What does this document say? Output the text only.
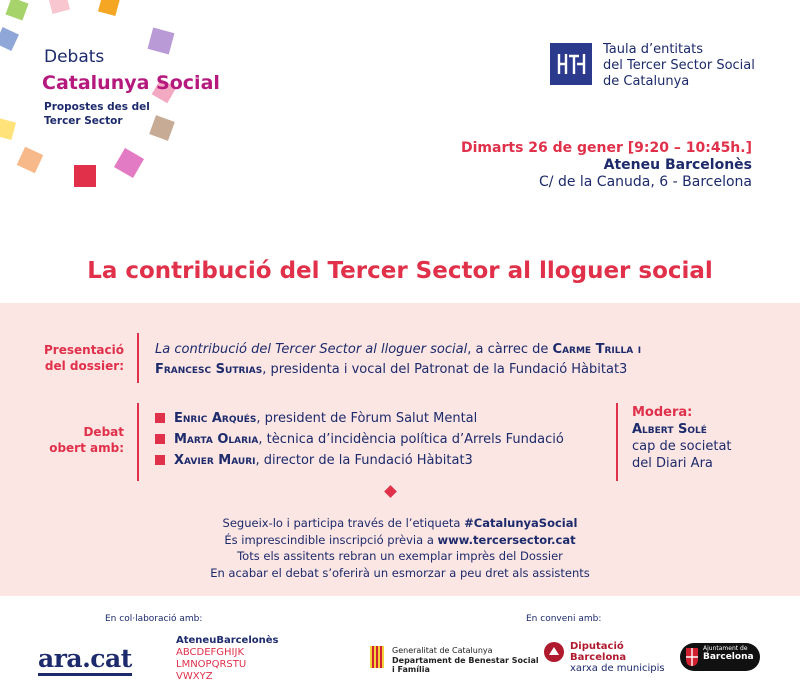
Debats
Catalunya Social
Propostes des del Tercer Sector
Taula d’entitats
del Tercer Sector Social
de Catalunya
Dimarts 26 de gener [9:20 – 10:45h.]
Ateneu Barcelonès
C/ de la Canuda, 6 - Barcelona
La contribució del Tercer Sector al lloguer social
Presentació
del dossier:
La contribució del Tercer Sector al lloguer social, a càrrec de Carme Trilla i
Francesc Sutrias, presidenta i vocal del Patronat de la Fundació Hàbitat3
Debat
obert amb:
Enric Arqués, president de Fòrum Salut Mental
Marta Olaria, tècnica d’incidència política d’Arrels Fundació
Xavier Mauri, director de la Fundació Hàbitat3
Modera:
Albert Solé
cap de societat
del Diari Ara
Segueix-lo i participa través de l’etiqueta #CatalunyaSocial
És imprescindible inscripció prèvia a www.tercersector.cat
Tots els assitents rebran un exemplar imprès del Dossier
En acabar el debat s’oferirà un esmorzar a peu dret als assistents
En col·laboració amb:	En conveni amb:
ara.cat
AteneuBarcelonès
ABCDEFGHIJK
LMNOPQRSTU
VWXYZ
Generalitat de Catalunya
Departament de Benestar Social
i Família
Diputació
Barcelona
xarxa de municipis
Ajuntament de
Barcelona
